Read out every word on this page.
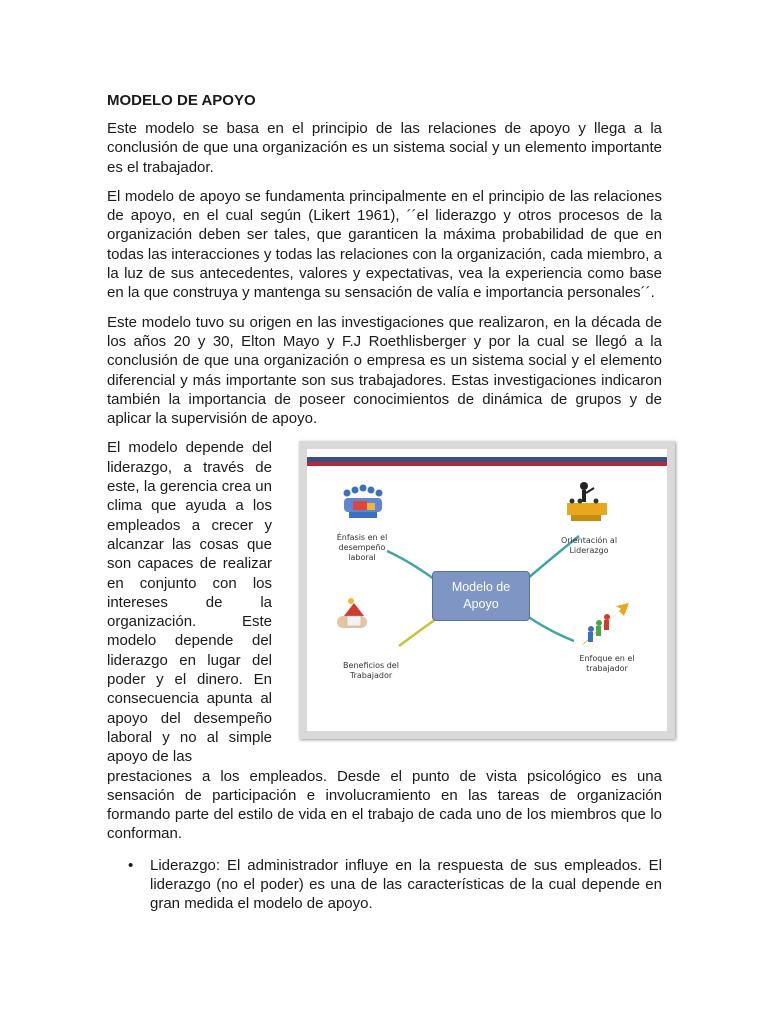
MODELO DE APOYO

Este modelo se basa en el principio de las relaciones de apoyo y llega a la conclusión de que una organización es un sistema social y un elemento importante es el trabajador.

El modelo de apoyo se fundamenta principalmente en el principio de las relaciones de apoyo, en el cual según (Likert 1961), ´´el liderazgo y otros procesos de la organización deben ser tales, que garanticen la máxima probabilidad de que en todas las interacciones y todas las relaciones con la organización, cada miembro, a la luz de sus antecedentes, valores y expectativas, vea la experiencia como base en la que construya y mantenga su sensación de valía e importancia personales´´.

Este modelo tuvo su origen en las investigaciones que realizaron, en la década de los años 20 y 30, Elton Mayo y F.J Roethlisberger y por la cual se llegó a la conclusión de que una organización o empresa es un sistema social y el elemento diferencial y más importante son sus trabajadores. Estas investigaciones indicaron también la importancia de poseer conocimientos de dinámica de grupos y de aplicar la supervisión de apoyo.

El modelo depende del liderazgo, a través de este, la gerencia crea un clima que ayuda a los empleados a crecer y alcanzar las cosas que son capaces de realizar en conjunto con los intereses de la organización. Este modelo depende del liderazgo en lugar del poder y el dinero. En consecuencia apunta al apoyo del desempeño laboral y no al simple apoyo de las

prestaciones a los empleados. Desde el punto de vista psicológico es una sensación de participación e involucramiento en las tareas de organización formando parte del estilo de vida en el trabajo de cada uno de los miembros que lo conforman.

• Liderazgo: El administrador influye en la respuesta de sus empleados. El liderazgo (no el poder) es una de las características de la cual depende en gran medida el modelo de apoyo.
Énfasis en el desempeño laboral
Orientación al Liderazgo
Modelo de Apoyo
Beneficios del Trabajador
Enfoque en el trabajador
